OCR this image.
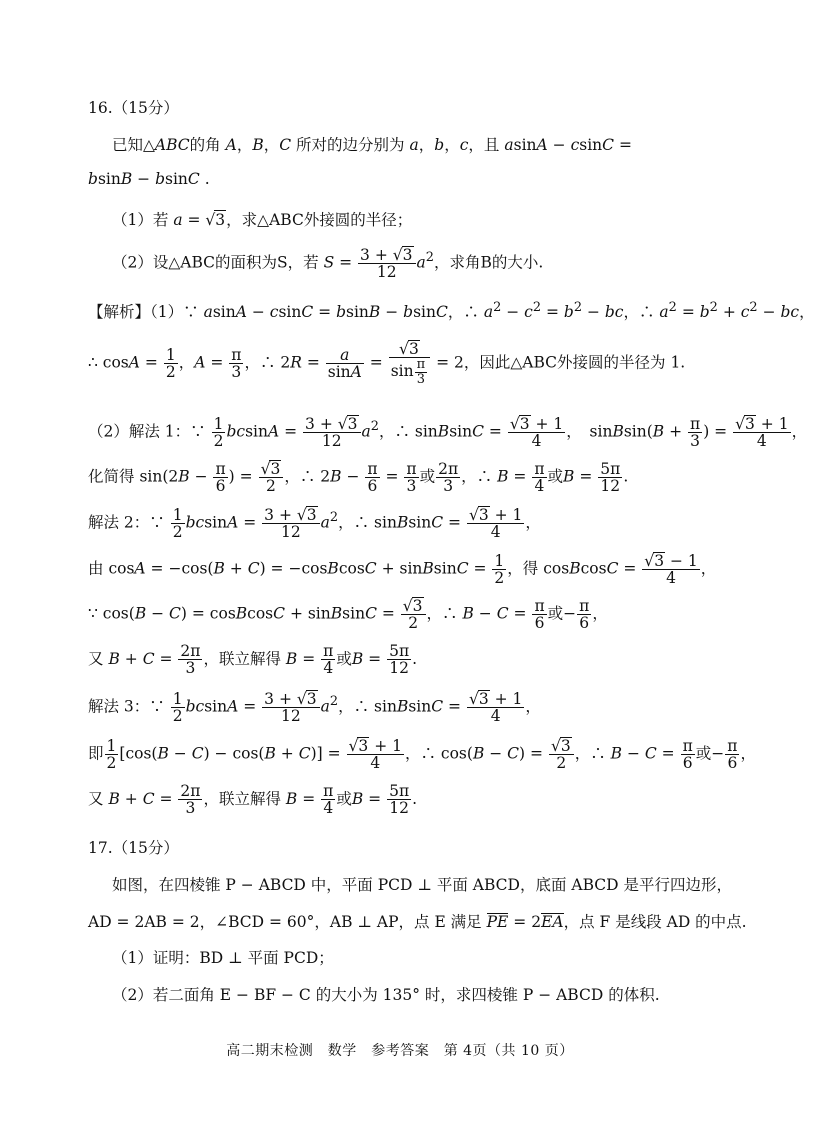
16.（15分）
已知△ABC的角 A，B，C 所对的边分别为 a，b，c，且 asinA − csinC =
bsinB − bsinC .
（1）若 a = √3，求△ABC外接圆的半径；
（2）设△ABC的面积为S，若 $S = \frac{3 + √3}{12} a^2$，求角B的大小.
【解析】（1）∵ asinA − csinC = bsinB − bsinC，∴ $a^2 - c^2 = b^2$ − bc，∴ $a^2 = b^2 + c^2$ − bc，
∴ $\cos A = \frac{1}{2}$ ，$A = \frac{\pi}{3}$ ，∴ $2R = \frac{a}{\sin A} = \frac{√3}{\sin \frac{\pi}{3}} = 2$，因此△ABC外接圆的半径为 1.
（2）解法 1：∵ $\frac{1}{2}$ $bcsinA = \frac{3 + √3}{12} a^2$，∴ sinBsinC = $\frac{√3 + 1}{4}$ ，　sinBsin(B + $\frac{\pi}{3}$ ) = $\frac{√3 + 1}{4}$ ，
化简得 $\sin(2B - \frac{\pi}{6}$ ) = $\frac{√3}{2}$ ，∴ $2B - \frac{\pi}{6} = \frac{\pi}{3}$ 或 $\frac{2\pi}{3}$ ，∴ $B = \frac{\pi}{4}$ 或$B = \frac{5\pi}{12}$ .
解法 2：∵ $\frac{1}{2}$ $bcsinA = \frac{3 + √3}{12} a^2$，∴ sinBsinC = $\frac{√3 + 1}{4}$ ，
由 cosA = −cos(B + C) = −cosBcosC + sinBsinC = $\frac{1}{2}$ ，得 cosBcosC = $\frac{√3 - 1}{4}$ ，
∵ cos(B − C) = cosBcosC + sinBsinC = $\frac{√3}{2}$ ，∴ $B - C = \frac{\pi}{6}$ 或− $\frac{\pi}{6}$ ，
又 $B + C = \frac{2\pi}{3}$ ，联立解得 $B = \frac{\pi}{4}$ 或$B = \frac{5\pi}{12}$ .
解法 3：∵ $\frac{1}{2}$ $bcsinA = \frac{3 + √3}{12} a^2$，∴ sinBsinC = $\frac{√3 + 1}{4}$ ，
即 $\frac{1}{2} [\cos(B - C) - \cos(B + C)] = \frac{√3 + 1}{4}$ ，∴ $\cos(B - C) = \frac{√3}{2}$ ，∴ $B - C = \frac{\pi}{6}$ 或− $\frac{\pi}{6}$ ，
又 $B + C = \frac{2\pi}{3}$ ，联立解得 $B = \frac{\pi}{4}$ 或$B = \frac{5\pi}{12}$ .
17.（15分）
如图，在四棱锥 P − ABCD 中，平面 PCD ⊥ 平面 ABCD，底面 ABCD 是平行四边形，
AD = 2AB = 2，∠BCD = 60°，AB ⊥ AP，点 E 满足 PE = 2EA，点 F 是线段 AD 的中点.
（1）证明：BD ⊥ 平面 PCD；
（2）若二面角 E − BF − C 的大小为 135° 时，求四棱锥 P − ABCD 的体积.
高二期末检测　数学　参考答案　第 4页（共 10 页）
